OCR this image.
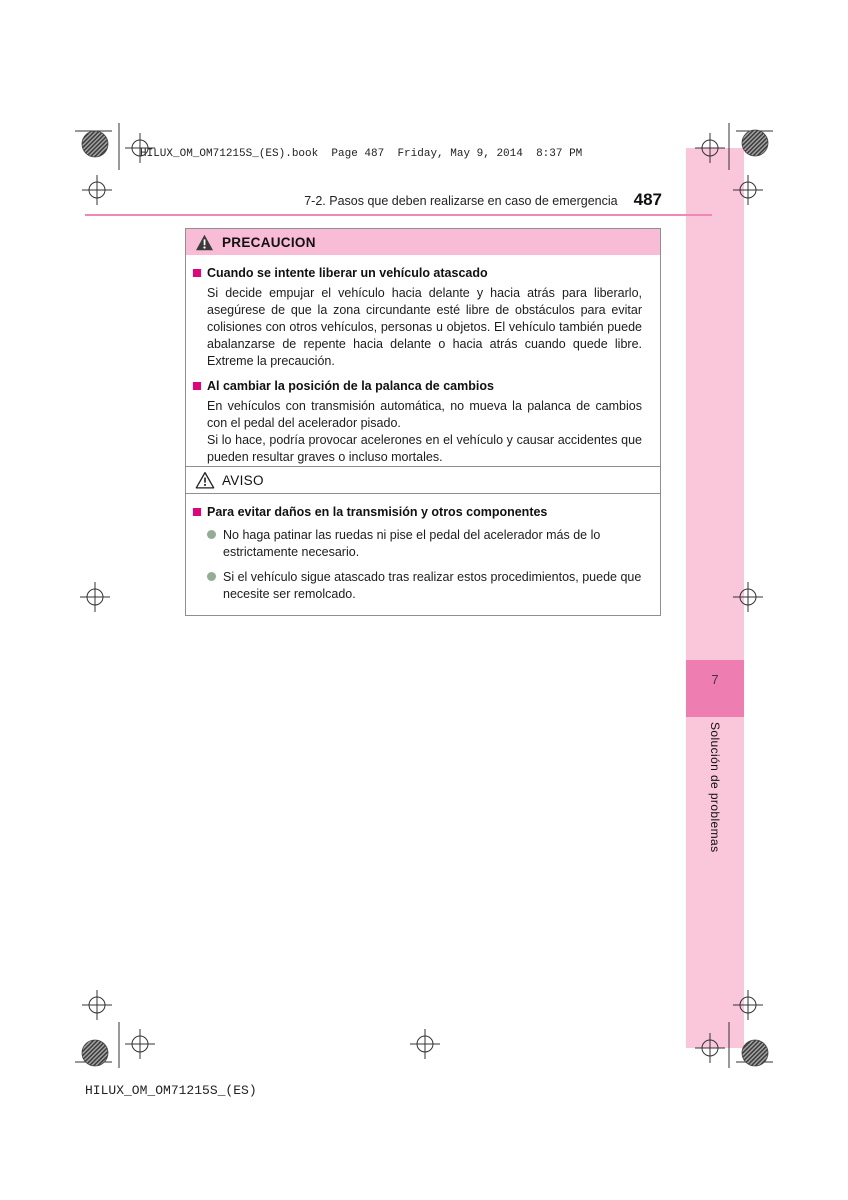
7
Solución de problemas
HILUX_OM_OM71215S_(ES).book  Page 487  Friday, May 9, 2014  8:37 PM
7-2. Pasos que deben realizarse en caso de emergencia 487
PRECAUCION
Cuando se intente liberar un vehículo atascado

Si decide empujar el vehículo hacia delante y hacia atrás para liberarlo, asegúrese de que la zona circundante esté libre de obstáculos para evitar colisiones con otros vehículos, personas u objetos. El vehículo también puede abalanzarse de repente hacia delante o hacia atrás cuando quede libre. Extreme la precaución.

Al cambiar la posición de la palanca de cambios

En vehículos con transmisión automática, no mueva la palanca de cambios con el pedal del acelerador pisado.

Si lo hace, podría provocar acelerones en el vehículo y causar accidentes que pueden resultar graves o incluso mortales.

AVISO
Para evitar daños en la transmisión y otros componentes
No haga patinar las ruedas ni pise el pedal del acelerador más de lo estrictamente necesario.
Si el vehículo sigue atascado tras realizar estos procedimientos, puede que necesite ser remolcado.
HILUX_OM_OM71215S_(ES)
